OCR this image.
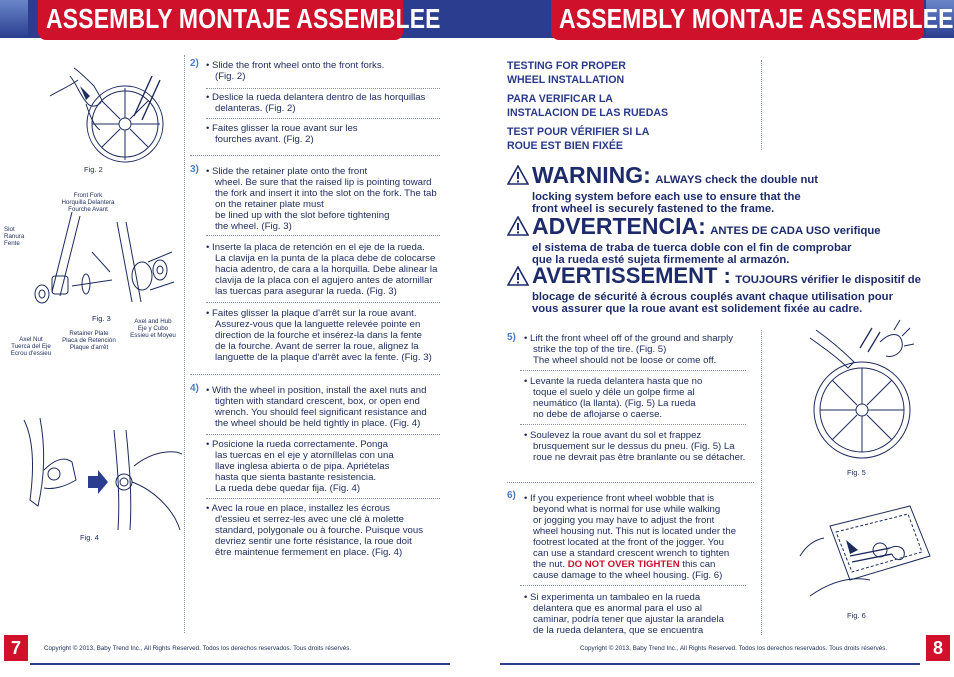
ASSEMBLY MONTAJE ASSEMBLEE	ASSEMBLY MONTAJE ASSEMBLEE
Fig. 2
Front Fork
Horquilla Delantera
Fourche Avant
Slot
Ranura
Fente
Fig. 3
Axel Nut
Tuerca del Eje
Ecrou d'essieu
Retainer Plate
Placa de Retención
Plaque d'arrêt
Axel and Hub
Eje y Cubo
Essieu et Moyeu
Fig. 4
2) • Slide the front wheel onto the front forks.
(Fig. 2)
• Deslice la rueda delantera dentro de las horquillas
delanteras. (Fig. 2)
• Faites glisser la roue avant sur les
fourches avant. (Fig. 2)
3) • Slide the retainer plate onto the front
wheel. Be sure that the raised lip is pointing toward
the fork and insert it into the slot on the fork. The tab
on the retainer plate must
be lined up with the slot before tightening
the wheel. (Fig. 3)
• Inserte la placa de retención en el eje de la rueda.
La clavija en la punta de la placa debe de colocarse
hacia adentro, de cara a la horquilla. Debe alinear la
clavija de la placa con el agujero antes de atornillar
las tuercas para asegurar la rueda. (Fig. 3)
• Faites glisser la plaque d'arrêt sur la roue avant.
Assurez-vous que la languette relevée pointe en
direction de la fourche et insérez-la dans la fente
de la fourche. Avant de serrer la roue, alignez la
languette de la plaque d'arrêt avec la fente. (Fig. 3)
4) • With the wheel in position, install the axel nuts and
tighten with standard crescent, box, or open end
wrench. You should feel significant resistance and
the wheel should be held tightly in place. (Fig. 4)
• Posicione la rueda correctamente. Ponga
las tuercas en el eje y atorníllelas con una
llave inglesa abierta o de pipa. Apriételas
hasta que sienta bastante resistencia.
La rueda debe quedar fija. (Fig. 4)
• Avec la roue en place, installez les écrous
d'essieu et serrez-les avec une clé à molette
standard, polygonale ou à fourche. Puisque vous
devriez sentir une forte résistance, la roue doit
être maintenue fermement en place. (Fig. 4)
TESTING FOR PROPER
WHEEL INSTALLATION
PARA VERIFICAR LA
INSTALACION DE LAS RUEDAS
TEST POUR VÉRIFIER SI LA
ROUE EST BIEN FIXÉE
WARNING: ALWAYS check the double nut
locking system before each use to ensure that the
front wheel is securely fastened to the frame.
ADVERTENCIA: ANTES DE CADA USO verifique
el sistema de traba de tuerca doble con el fin de comprobar
que la rueda esté sujeta firmemente al armazón.
AVERTISSEMENT : TOUJOURS vérifier le dispositif de
blocage de sécurité à écrous couplés avant chaque utilisation pour
vous assurer que la roue avant est solidement fixée au cadre.
5) • Lift the front wheel off of the ground and sharply
strike the top of the tire. (Fig. 5)
The wheel should not be loose or come off.
• Levante la rueda delantera hasta que no
toque el suelo y déle un golpe firme al
neumático (la llanta). (Fig. 5) La rueda
no debe de aflojarse o caerse.
• Soulevez la roue avant du sol et frappez
brusquement sur le dessus du pneu. (Fig. 5) La
roue ne devrait pas être branlante ou se détacher.
6) • If you experience front wheel wobble that is
beyond what is normal for use while walking
or jogging you may have to adjust the front
wheel housing nut. This nut is located under the
footrest located at the front of the jogger. You
can use a standard crescent wrench to tighten
the nut. DO NOT OVER TIGHTEN this can
cause damage to the wheel housing. (Fig. 6)
• Si experimenta un tambaleo en la rueda
delantera que es anormal para el uso al
caminar, podría tener que ajustar la arandela
de la rueda delantera, que se encuentra
Fig. 5
Fig. 6
7	Copyright © 2013, Baby Trend Inc., All Rights Reserved. Todos los derechos reservados. Tous droits réservés.	8
Copyright © 2013, Baby Trend Inc., All Rights Reserved. Todos los derechos reservados. Tous droits réservés.
